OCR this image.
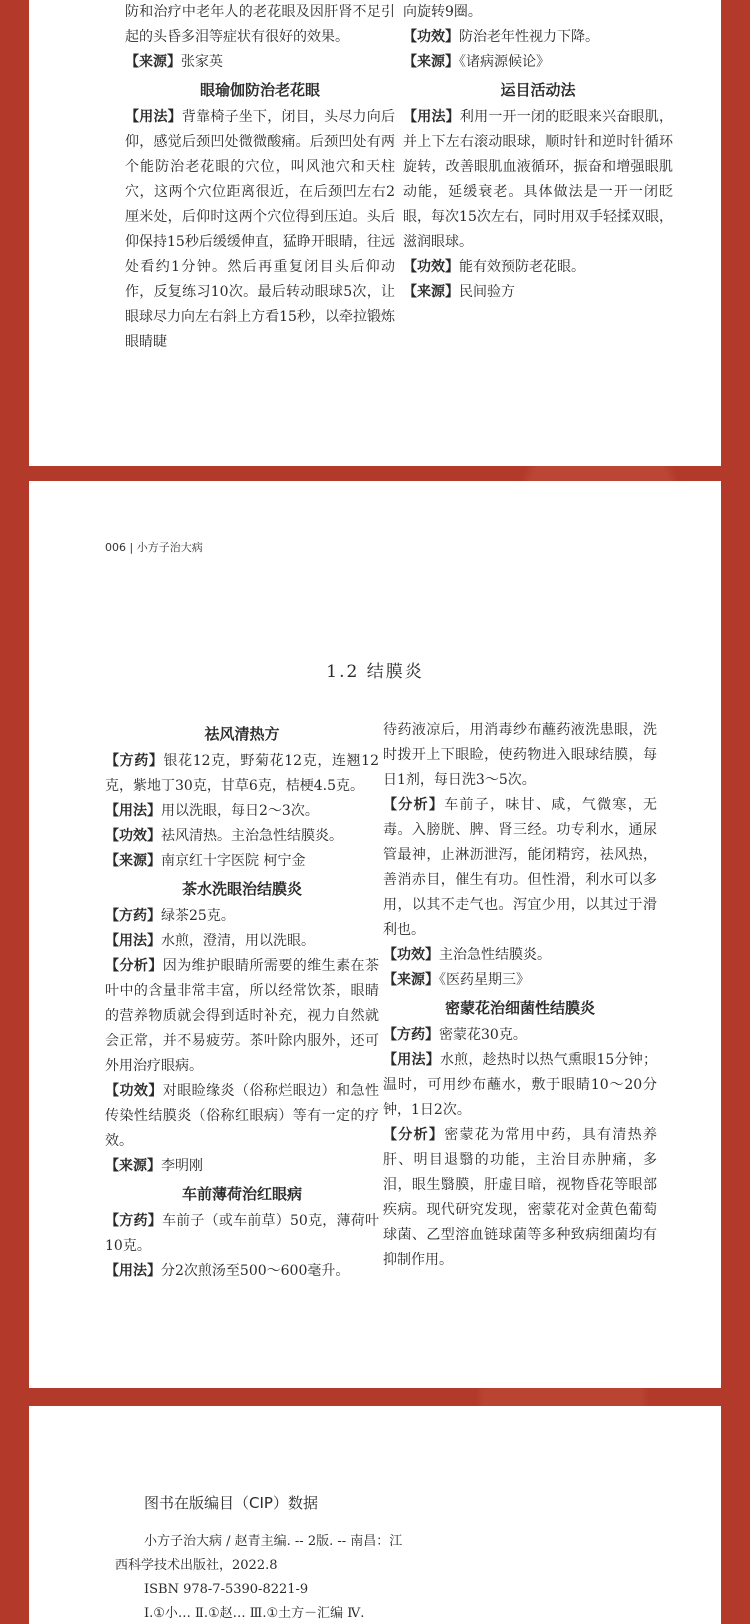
防和治疗中老年人的老花眼及因肝肾不足引起的头昏多泪等症状有很好的效果。
【来源】张家英
眼瑜伽防治老花眼
【用法】背靠椅子坐下，闭目，头尽力向后仰，感觉后颈凹处微微酸痛。后颈凹处有两个能防治老花眼的穴位，叫风池穴和天柱穴，这两个穴位距离很近，在后颈凹左右2厘米处，后仰时这两个穴位得到压迫。头后仰保持15秒后缓缓伸直，猛睁开眼睛，往远处看约1分钟。然后再重复闭目头后仰动作，反复练习10次。最后转动眼球5次，让眼球尽力向左右斜上方看15秒，以牵拉锻炼眼睛睫
向旋转9圈。
【功效】防治老年性视力下降。
【来源】《诸病源候论》
运目活动法
【用法】利用一开一闭的眨眼来兴奋眼肌，并上下左右滚动眼球，顺时针和逆时针循环旋转，改善眼肌血液循环，振奋和增强眼肌动能，延缓衰老。具体做法是一开一闭眨眼，每次15次左右，同时用双手轻揉双眼，滋润眼球。
【功效】能有效预防老花眼。
【来源】民间验方
006 | 小方子治大病
1.2 结膜炎
祛风清热方
【方药】银花12克，野菊花12克，连翘12克，紫地丁30克，甘草6克，桔梗4.5克。
【用法】用以洗眼，每日2～3次。
【功效】祛风清热。主治急性结膜炎。
【来源】南京红十字医院 柯宁金
茶水洗眼治结膜炎
【方药】绿茶25克。
【用法】水煎，澄清，用以洗眼。
【分析】因为维护眼睛所需要的维生素在茶叶中的含量非常丰富，所以经常饮茶，眼睛的营养物质就会得到适时补充，视力自然就会正常，并不易疲劳。茶叶除内服外，还可外用治疗眼病。
【功效】对眼睑缘炎（俗称烂眼边）和急性传染性结膜炎（俗称红眼病）等有一定的疗效。
【来源】李明刚
车前薄荷治红眼病
【方药】车前子（或车前草）50克，薄荷叶10克。
【用法】分2次煎汤至500～600毫升。
待药液凉后，用消毒纱布蘸药液洗患眼，洗时拨开上下眼睑，使药物进入眼球结膜，每日1剂，每日洗3～5次。
【分析】车前子，味甘、咸，气微寒，无毒。入膀胱、脾、肾三经。功专利水，通尿管最神，止淋沥泄泻，能闭精窍，祛风热，善消赤目，催生有功。但性滑，利水可以多用，以其不走气也。泻宜少用，以其过于滑利也。
【功效】主治急性结膜炎。
【来源】《医药星期三》
密蒙花治细菌性结膜炎
【方药】密蒙花30克。
【用法】水煎，趁热时以热气熏眼15分钟；温时，可用纱布蘸水，敷于眼睛10～20分钟，1日2次。
【分析】密蒙花为常用中药，具有清热养肝、明目退翳的功能，主治目赤肿痛，多泪，眼生翳膜，肝虚目暗，视物昏花等眼部疾病。现代研究发现，密蒙花对金黄色葡萄球菌、乙型溶血链球菌等多种致病细菌均有抑制作用。
图书在版编目（CIP）数据
小方子治大病 / 赵青主编. -- 2版. -- 南昌：江
西科学技术出版社，2022.8
ISBN 978-7-5390-8221-9
Ⅰ.①小… Ⅱ.①赵… Ⅲ.①土方－汇编 Ⅳ.
